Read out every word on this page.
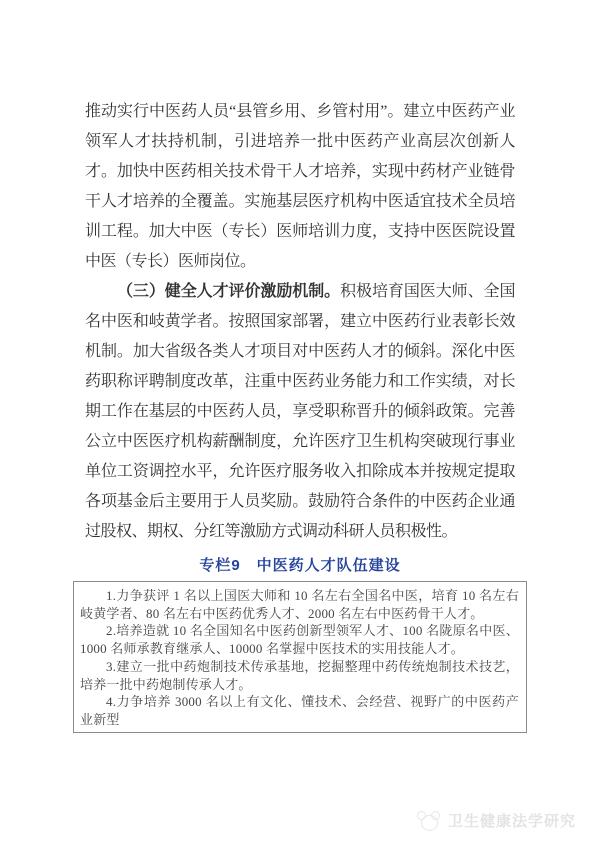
推动实行中医药人员“县管乡用、乡管村用”。建立中医药产业领军人才扶持机制，引进培养一批中医药产业高层次创新人才。加快中医药相关技术骨干人才培养，实现中药材产业链骨干人才培养的全覆盖。实施基层医疗机构中医适宜技术全员培训工程。加大中医（专长）医师培训力度，支持中医医院设置中医（专长）医师岗位。

（三）健全人才评价激励机制。积极培育国医大师、全国名中医和岐黄学者。按照国家部署，建立中医药行业表彰长效机制。加大省级各类人才项目对中医药人才的倾斜。深化中医药职称评聘制度改革，注重中医药业务能力和工作实绩，对长期工作在基层的中医药人员，享受职称晋升的倾斜政策。完善公立中医医疗机构薪酬制度，允许医疗卫生机构突破现行事业单位工资调控水平，允许医疗服务收入扣除成本并按规定提取各项基金后主要用于人员奖励。鼓励符合条件的中医药企业通过股权、期权、分红等激励方式调动科研人员积极性。

专栏9　中医药人才队伍建设

1.力争获评 1 名以上国医大师和 10 名左右全国名中医，培育 10 名左右岐黄学者、80 名左右中医药优秀人才、2000 名左右中医药骨干人才。

2.培养造就 10 名全国知名中医药创新型领军人才、100 名陇原名中医、1000 名师承教育继承人、10000 名掌握中医技术的实用技能人才。

3.建立一批中药炮制技术传承基地，挖掘整理中药传统炮制技术技艺，培养一批中药炮制传承人才。

4.力争培养 3000 名以上有文化、懂技术、会经营、视野广的中医药产业新型

卫生健康法学研究
